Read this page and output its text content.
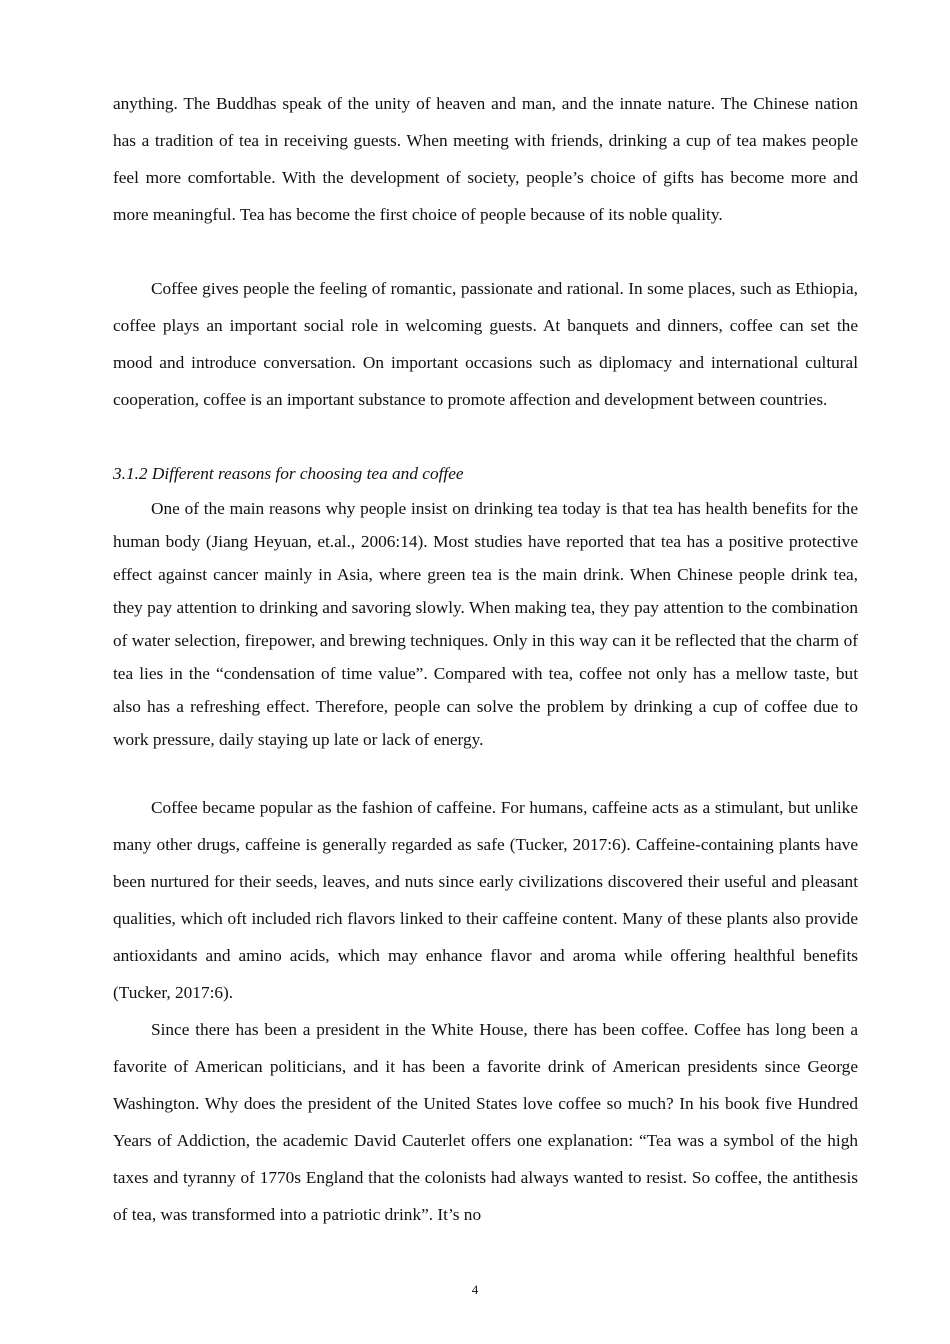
anything. The Buddhas speak of the unity of heaven and man, and the innate nature. The Chinese nation has a tradition of tea in receiving guests. When meeting with friends, drinking a cup of tea makes people feel more comfortable. With the development of society, people’s choice of gifts has become more and more meaningful. Tea has become the first choice of people because of its noble quality.

Coffee gives people the feeling of romantic, passionate and rational. In some places, such as Ethiopia, coffee plays an important social role in welcoming guests. At banquets and dinners, coffee can set the mood and introduce conversation. On important occasions such as diplomacy and international cultural cooperation, coffee is an important substance to promote affection and development between countries.

3.1.2 Different reasons for choosing tea and coffee

One of the main reasons why people insist on drinking tea today is that tea has health benefits for the human body (Jiang Heyuan, et.al., 2006:14). Most studies have reported that tea has a positive protective effect against cancer mainly in Asia, where green tea is the main drink. When Chinese people drink tea, they pay attention to drinking and savoring slowly. When making tea, they pay attention to the combination of water selection, firepower, and brewing techniques. Only in this way can it be reflected that the charm of tea lies in the “condensation of time value”. Compared with tea, coffee not only has a mellow taste, but also has a refreshing effect. Therefore, people can solve the problem by drinking a cup of coffee due to work pressure, daily staying up late or lack of energy.

Coffee became popular as the fashion of caffeine. For humans, caffeine acts as a stimulant, but unlike many other drugs, caffeine is generally regarded as safe (Tucker, 2017:6). Caffeine-containing plants have been nurtured for their seeds, leaves, and nuts since early civilizations discovered their useful and pleasant qualities, which oft included rich flavors linked to their caffeine content. Many of these plants also provide antioxidants and amino acids, which may enhance flavor and aroma while offering healthful benefits (Tucker, 2017:6).

Since there has been a president in the White House, there has been coffee. Coffee has long been a favorite of American politicians, and it has been a favorite drink of American presidents since George Washington. Why does the president of the United States love coffee so much? In his book five Hundred Years of Addiction, the academic David Cauterlet offers one explanation: “Tea was a symbol of the high taxes and tyranny of 1770s England that the colonists had always wanted to resist. So coffee, the antithesis of tea, was transformed into a patriotic drink”. It’s no

4
